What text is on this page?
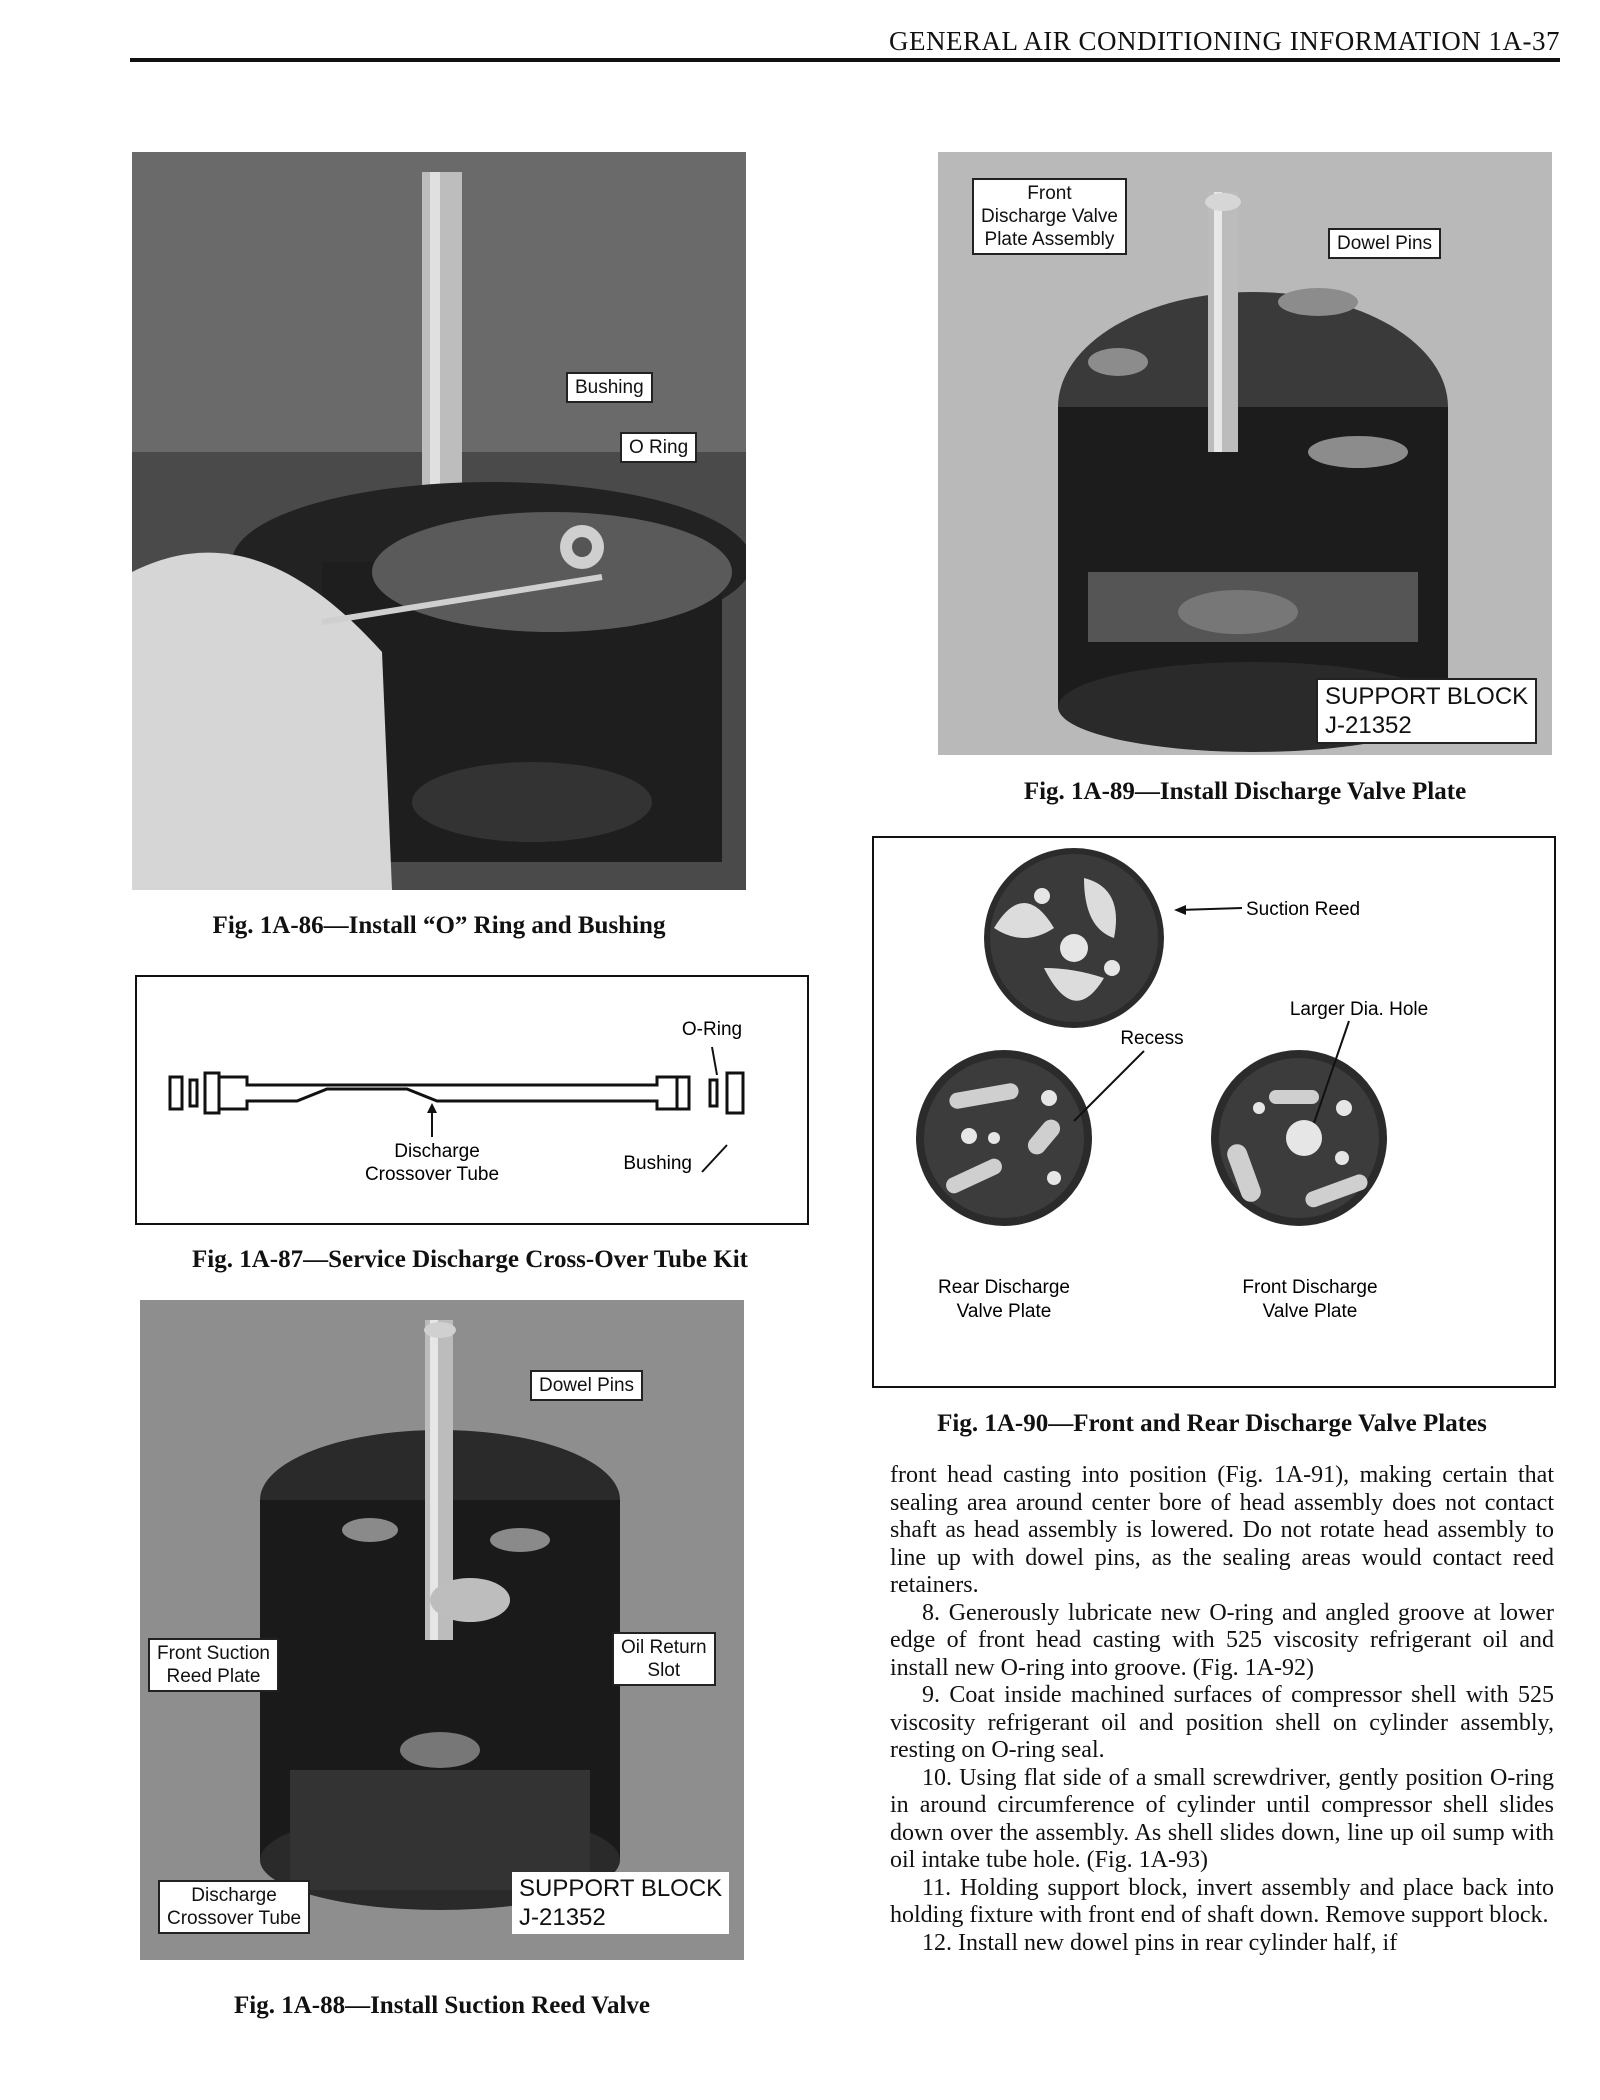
GENERAL AIR CONDITIONING INFORMATION 1A-37
Bushing
O Ring
Fig. 1A-86—Install “O” Ring and Bushing
O-Ring
Discharge
Crossover Tube
Bushing
Fig. 1A-87—Service Discharge Cross-Over Tube Kit
Dowel Pins
Front Suction
Reed Plate
Oil Return
Slot
Discharge
Crossover Tube
SUPPORT BLOCK
J-21352
Fig. 1A-88—Install Suction Reed Valve
Front
Discharge Valve
Plate Assembly	Dowel Pins
SUPPORT BLOCK
J-21352
Fig. 1A-89—Install Discharge Valve Plate
Suction Reed
Larger Dia. Hole
Recess
Rear Discharge
Valve Plate
Front Discharge
Valve Plate
Fig. 1A-90—Front and Rear Discharge Valve Plates

front head casting into position (Fig. 1A-91), making certain that sealing area around center bore of head assembly does not contact shaft as head assembly is lowered. Do not rotate head assembly to line up with dowel pins, as the sealing areas would contact reed retainers.

8. Generously lubricate new O-ring and angled groove at lower edge of front head casting with 525 viscosity refrigerant oil and install new O-ring into groove. (Fig. 1A-92)

9. Coat inside machined surfaces of compressor shell with 525 viscosity refrigerant oil and position shell on cylinder assembly, resting on O-ring seal.

10. Using flat side of a small screwdriver, gently position O-ring in around circumference of cylinder until compressor shell slides down over the assembly. As shell slides down, line up oil sump with oil intake tube hole. (Fig. 1A-93)

11. Holding support block, invert assembly and place back into holding fixture with front end of shaft down. Remove support block.

12. Install new dowel pins in rear cylinder half, if
